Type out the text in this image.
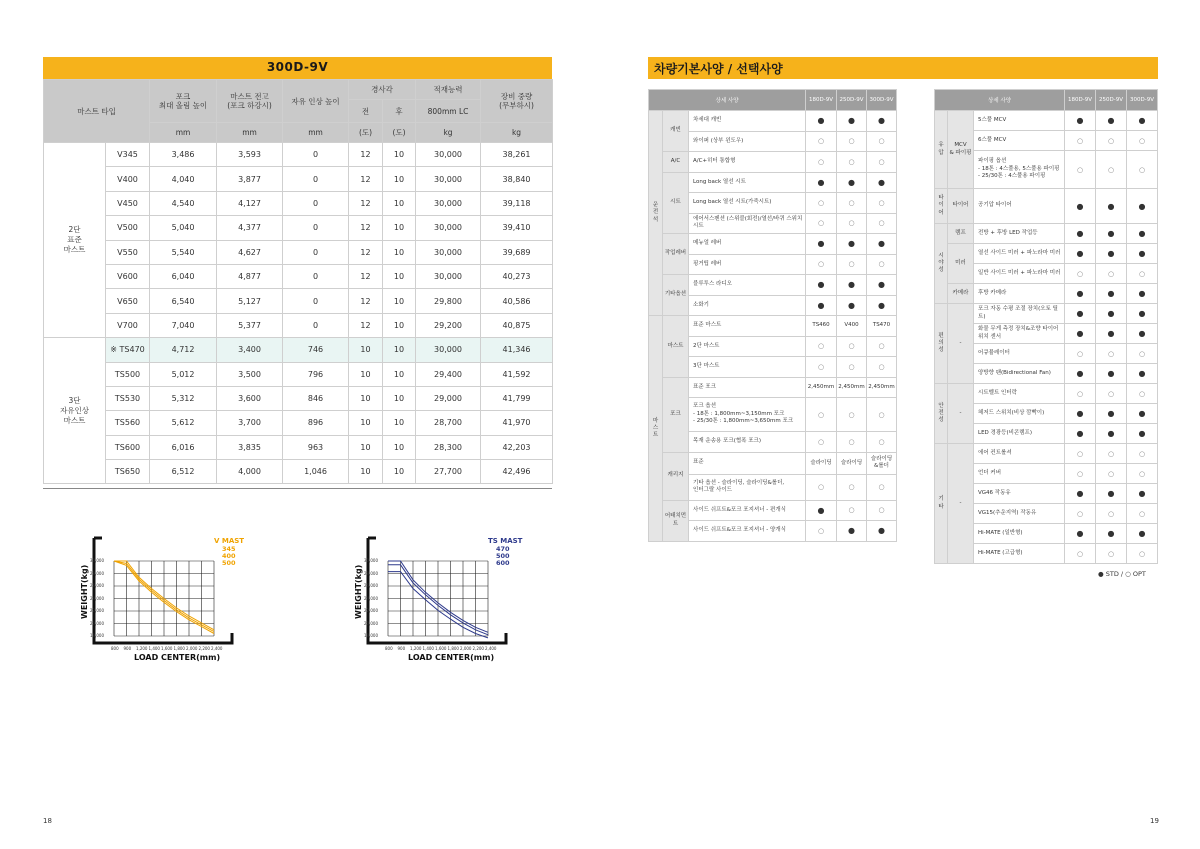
300D-9V
마스트 타입		포크
최대 올림 높이	마스트 전고
(포크 하강시)	자유 인상 높이	경사각		적재능력	장비 중량
(무부하시)
					전	후	800mm LC	
		mm	mm	mm	(도)	(도)	kg	kg
2단
표준
마스트	V345	3,486	3,593	0	12	10	30,000	38,261
	V400	4,040	3,877	0	12	10	30,000	38,840
	V450	4,540	4,127	0	12	10	30,000	39,118
	V500	5,040	4,377	0	12	10	30,000	39,410
	V550	5,540	4,627	0	12	10	30,000	39,689
	V600	6,040	4,877	0	12	10	30,000	40,273
	V650	6,540	5,127	0	12	10	29,800	40,586
	V700	7,040	5,377	0	12	10	29,200	40,875
3단
자유인상
마스트	※ TS470	4,712	3,400	746	10	10	30,000	41,346
	TS500	5,012	3,500	796	10	10	29,400	41,592
	TS530	5,312	3,600	846	10	10	29,000	41,799
	TS560	5,612	3,700	896	10	10	28,700	41,970
	TS600	6,016	3,835	963	10	10	28,300	42,203
	TS650	6,512	4,000	1,046	10	10	27,700	42,496
30,000
28,000
26,000
24,000
22,000
20,000
18,000
800 900 1,200 1,400 1,600 1,800 2,000 2,200 2,400
WEIGHT(kg)
LOAD CENTER(mm)
V MAST
345
400
500	30,000
28,000
26,000
24,000
22,000
20,000
18,000
800 900 1,200 1,400 1,600 1,800 2,000 2,200 2,400
WEIGHT(kg)
LOAD CENTER(mm)
TS MAST
470
500
600
18
차량기본사양 / 선택사양
상세 사양			180D-9V	250D-9V	300D-9V
운
전
석	캐빈	차세대 캐빈	●	●	●
		와이퍼 (상부 윈도우)	○	○	○
	A/C	A/C+히터 통합형	○	○	○
	시트	Long back 열선 시트	●	●	●
		Long back 열선 시트(가죽시트)	○	○	○
		에어서스펜션 (스위블(회전)/열선/바퀴 스위치 시트	○	○	○
	작업레버	메뉴얼 레버	●	●	●
		핑거팁 레버	○	○	○
	기타옵션	블루투스 라디오	●	●	●
		소화기	●	●	●
마
스
트	마스트	표준 마스트	TS460	V400	TS470
		2단 마스트	○	○	○
		3단 마스트	○	○	○
	포크	표준 포크	2,450mm	2,450mm	2,450mm
		포크 옵션
- 18톤 : 1,800mm~3,150mm 포크
- 25/30톤 : 1,800mm~3,650mm 포크	○	○	○
		목재 운송용 포크(협폭 포크)	○	○	○
	캐리지	표준	슬라이딩	슬라이딩	슬라이딩
&롤더
		기타 옵션 - 슬라이딩, 슬라이딩&롤더,
인터그랄 사이드	○	○	○
	어태치먼트	사이드 쉬프트&포크 포지셔너 - 편개식	●	○	○
		사이드 쉬프트&포크 포지셔너 - 양개식	○	●	●
상세 사양			180D-9V	250D-9V	300D-9V
유
압	MCV
& 파이핑	5스풀 MCV	●	●	●
		6스풀 MCV	○	○	○
		파이핑 옵션
- 18톤 : 4스풀용, 5스풀용 파이핑
- 25/30톤 : 4스풀용 파이핑	○	○	○
타
이
어	타이어	공기압 타이어	●	●	●
시
야
성	램프	전방 + 후방 LED 작업등	●	●	●
	미러	열선 사이드 미러 + 파노라마 미러	●	●	●
		일반 사이드 미러 + 파노라마 미러	○	○	○
	카메라	후방 카메라	●	●	●
편
의
성	-	포크 자동 수평 조절 장치(오토 틸트)	●	●	●
		화물 무게 측정 장치&조향 타이어 위치 센서	●	●	●
		어큐뮬레이터	○	○	○
		양방향 팬(Bidirectional Fan)	●	●	●
안
전
성	-	시트벨트 인터락	○	○	○
		헤저드 스위치(비상 깜빡이)	●	●	●
		LED 경광등(비콘램프)	●	●	●
기
타	-	에어 컨트롤셔	○	○	○
		언더 커버	○	○	○
		VG46 작동유	●	●	●
		VG15(추운지역) 작동유	○	○	○
		Hi-MATE (일반형)	●	●	●
		Hi-MATE (고급형)	○	○	○
● STD / ○ OPT
19
